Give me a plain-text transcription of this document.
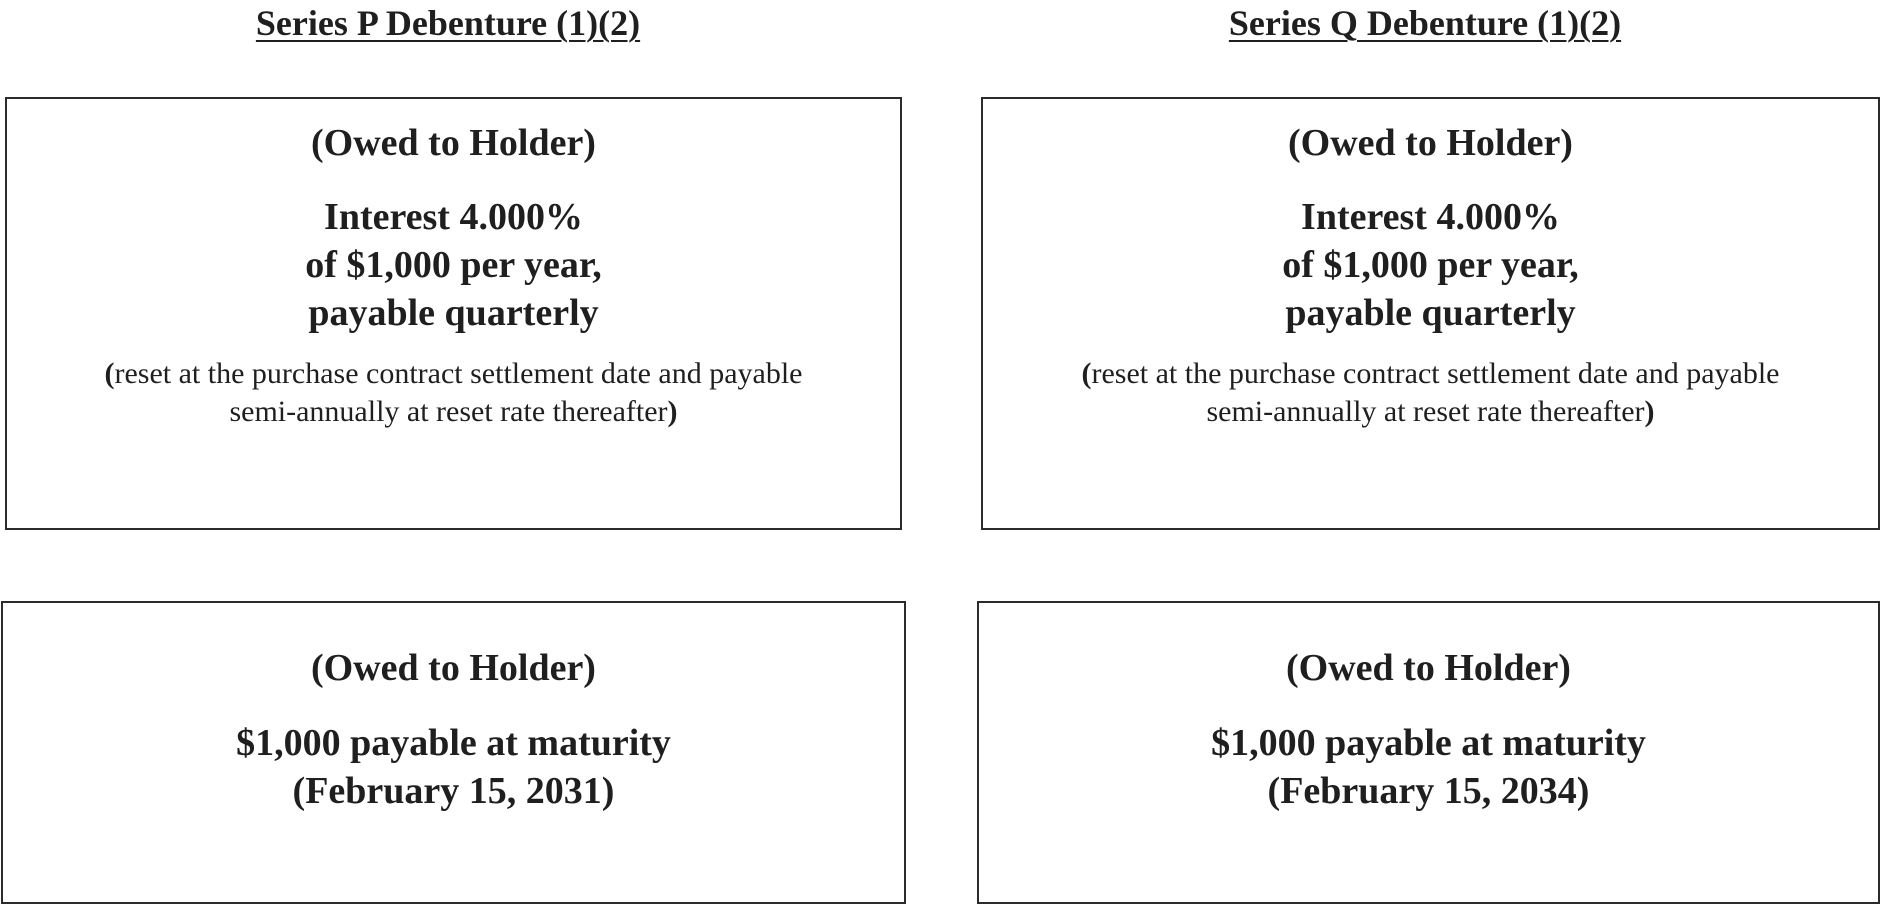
Series P Debenture (1)(2)	Series Q Debenture (1)(2)
(Owed to Holder)
Interest 4.000%
of $1,000 per year,
payable quarterly
(reset at the purchase contract settlement date and payable
semi-annually at reset rate thereafter)
(Owed to Holder)
Interest 4.000%
of $1,000 per year,
payable quarterly
(reset at the purchase contract settlement date and payable
semi-annually at reset rate thereafter)
(Owed to Holder)
$1,000 payable at maturity
(February 15, 2031)
(Owed to Holder)
$1,000 payable at maturity
(February 15, 2034)
